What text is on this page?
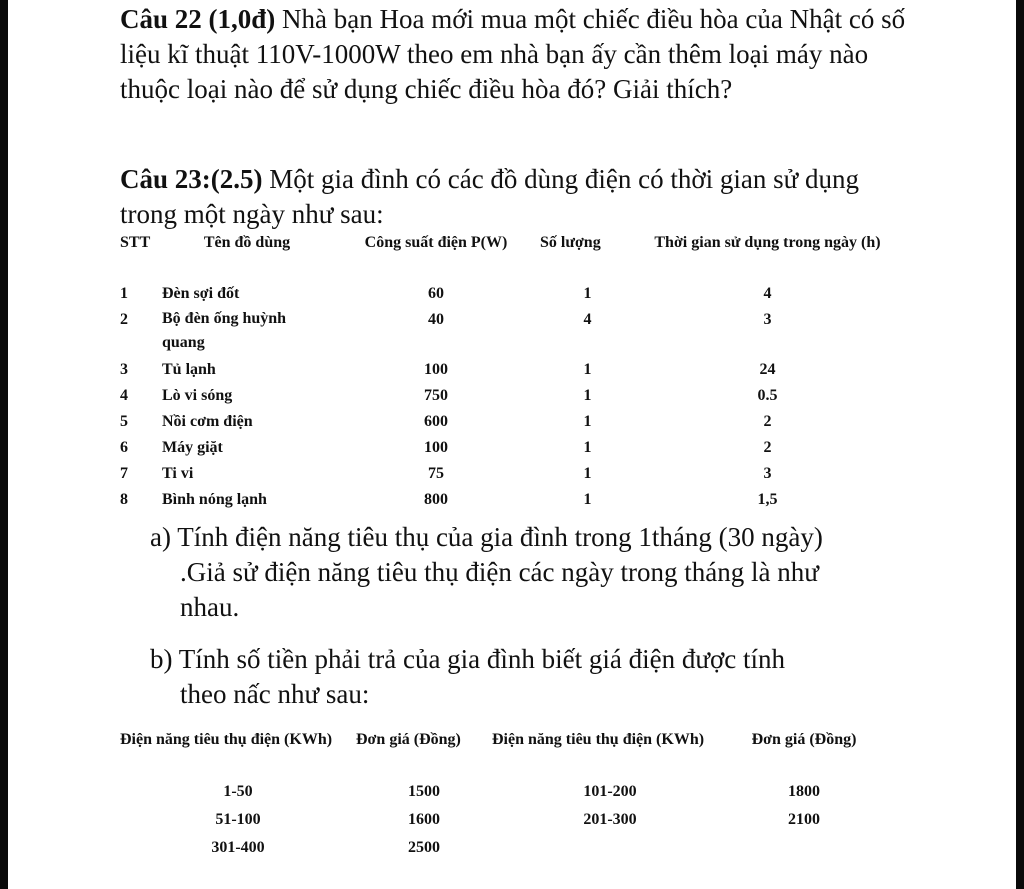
Câu 22 (1,0đ) Nhà bạn Hoa mới mua một chiếc điều hòa của Nhật có số liệu kĩ thuật 110V-1000W theo em nhà bạn ấy cần thêm loại máy nào thuộc loại nào để sử dụng chiếc điều hòa đó? Giải thích?
Câu 23:(2.5) Một gia đình có các đồ dùng điện có thời gian sử dụng trong một ngày như sau:
STT	Tên đồ dùng	Công suất điện P(W)	Số lượng	Thời gian sử dụng trong ngày (h)
1	Đèn sợi đốt	60	1	4
2	Bộ đèn ống huỳnh quang	40	4	3
3	Tủ lạnh	100	1	24
4	Lò vi sóng	750	1	0.5
5	Nồi cơm điện	600	1	2
6	Máy giặt	100	1	2
7	Ti vi	75	1	3
8	Bình nóng lạnh	800	1	1,5
a) Tính điện năng tiêu thụ của gia đình trong 1tháng (30 ngày)

.Giả sử điện năng tiêu thụ điện các ngày trong tháng là như
nhau.
b) Tính số tiền phải trả của gia đình biết giá điện được tính

theo nấc như sau:
Điện năng tiêu thụ điện (KWh)	Đơn giá (Đồng)	Điện năng tiêu thụ điện (KWh)	Đơn giá (Đồng)
1-50	1500	101-200	1800
51-100	1600	201-300	2100
301-400	2500		
